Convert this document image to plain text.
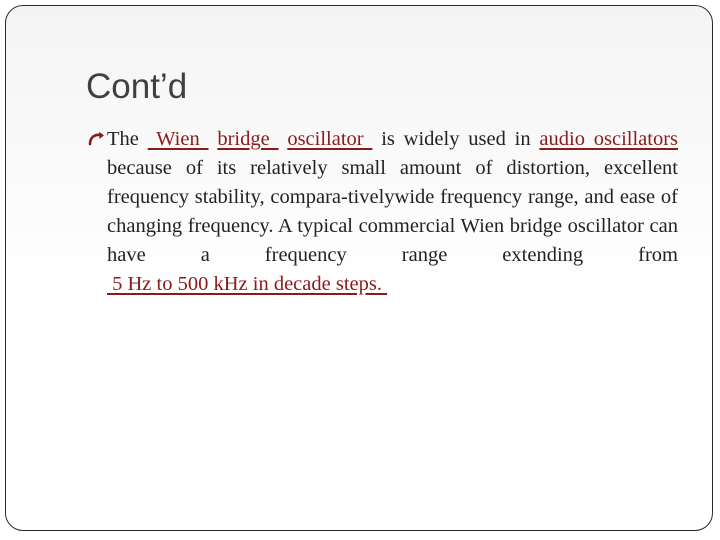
Cont’d

The  Wien  bridge  oscillator  is widely used in audio oscillators because of its relatively small amount of distortion, excellent frequency stability, compara-tivelywide frequency range, and ease of changing frequency. A typical commercial Wien bridge oscillator can have a frequency range extending from  5 Hz to 500 kHz in decade steps.
